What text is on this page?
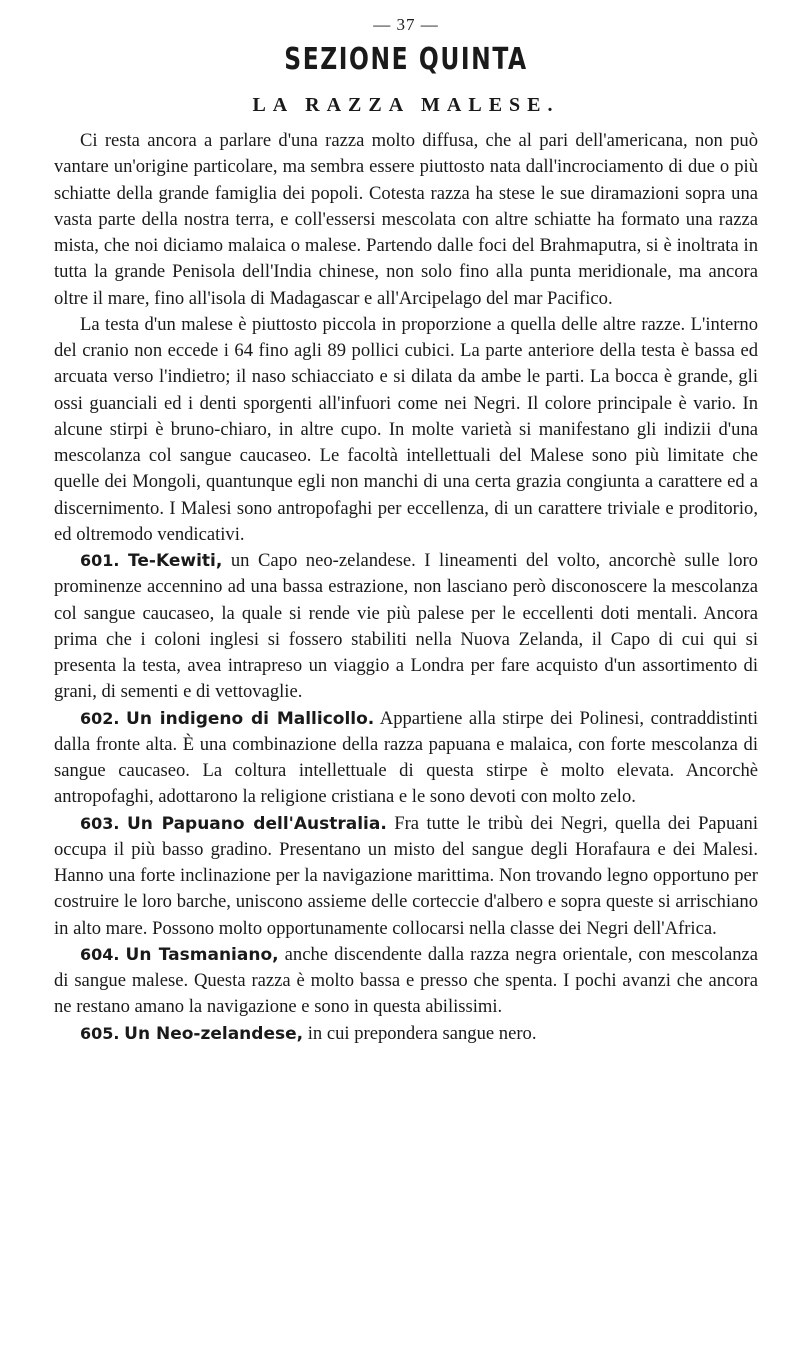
— 37 —
SEZIONE QUINTA
LA RAZZA MALESE.

Ci resta ancora a parlare d'una razza molto diffusa, che al pari dell'americana, non può vantare un'origine particolare, ma sembra essere piuttosto nata dall'incrociamento di due o più schiatte della grande famiglia dei popoli. Cotesta razza ha stese le sue diramazioni sopra una vasta parte della nostra terra, e coll'essersi mescolata con altre schiatte ha formato una razza mista, che noi diciamo malaica o malese. Partendo dalle foci del Brahmaputra, si è inoltrata in tutta la grande Penisola dell'India chinese, non solo fino alla punta meridionale, ma ancora oltre il mare, fino all'isola di Madagascar e all'Arcipelago del mar Pacifico.

La testa d'un malese è piuttosto piccola in proporzione a quella delle altre razze. L'interno del cranio non eccede i 64 fino agli 89 pollici cubici. La parte anteriore della testa è bassa ed arcuata verso l'indietro; il naso schiacciato e si dilata da ambe le parti. La bocca è grande, gli ossi guanciali ed i denti sporgenti all'infuori come nei Negri. Il colore principale è vario. In alcune stirpi è bruno-chiaro, in altre cupo. In molte varietà si manifestano gli indizii d'una mescolanza col sangue caucaseo. Le facoltà intellettuali del Malese sono più limitate che quelle dei Mongoli, quantunque egli non manchi di una certa grazia congiunta a carattere ed a discernimento. I Malesi sono antropofaghi per eccellenza, di un carattere triviale e proditorio, ed oltremodo vendicativi.

601. Te-Kewiti, un Capo neo-zelandese. I lineamenti del volto, ancorchè sulle loro prominenze accennino ad una bassa estrazione, non lasciano però disconoscere la mescolanza col sangue caucaseo, la quale si rende vie più palese per le eccellenti doti mentali. Ancora prima che i coloni inglesi si fossero stabiliti nella Nuova Zelanda, il Capo di cui qui si presenta la testa, avea intrapreso un viaggio a Londra per fare acquisto d'un assortimento di grani, di sementi e di vettovaglie.

602. Un indigeno di Mallicollo. Appartiene alla stirpe dei Polinesi, contraddistinti dalla fronte alta. È una combinazione della razza papuana e malaica, con forte mescolanza di sangue caucaseo. La coltura intellettuale di questa stirpe è molto elevata. Ancorchè antropofaghi, adottarono la religione cristiana e le sono devoti con molto zelo.

603. Un Papuano dell'Australia. Fra tutte le tribù dei Negri, quella dei Papuani occupa il più basso gradino. Presentano un misto del sangue degli Horafaura e dei Malesi. Hanno una forte inclinazione per la navigazione marittima. Non trovando legno opportuno per costruire le loro barche, uniscono assieme delle corteccie d'albero e sopra queste si arrischiano in alto mare. Possono molto opportunamente collocarsi nella classe dei Negri dell'Africa.

604. Un Tasmaniano, anche discendente dalla razza negra orientale, con mescolanza di sangue malese. Questa razza è molto bassa e presso che spenta. I pochi avanzi che ancora ne restano amano la navigazione e sono in questa abilissimi.

605. Un Neo-zelandese, in cui prepondera sangue nero.
